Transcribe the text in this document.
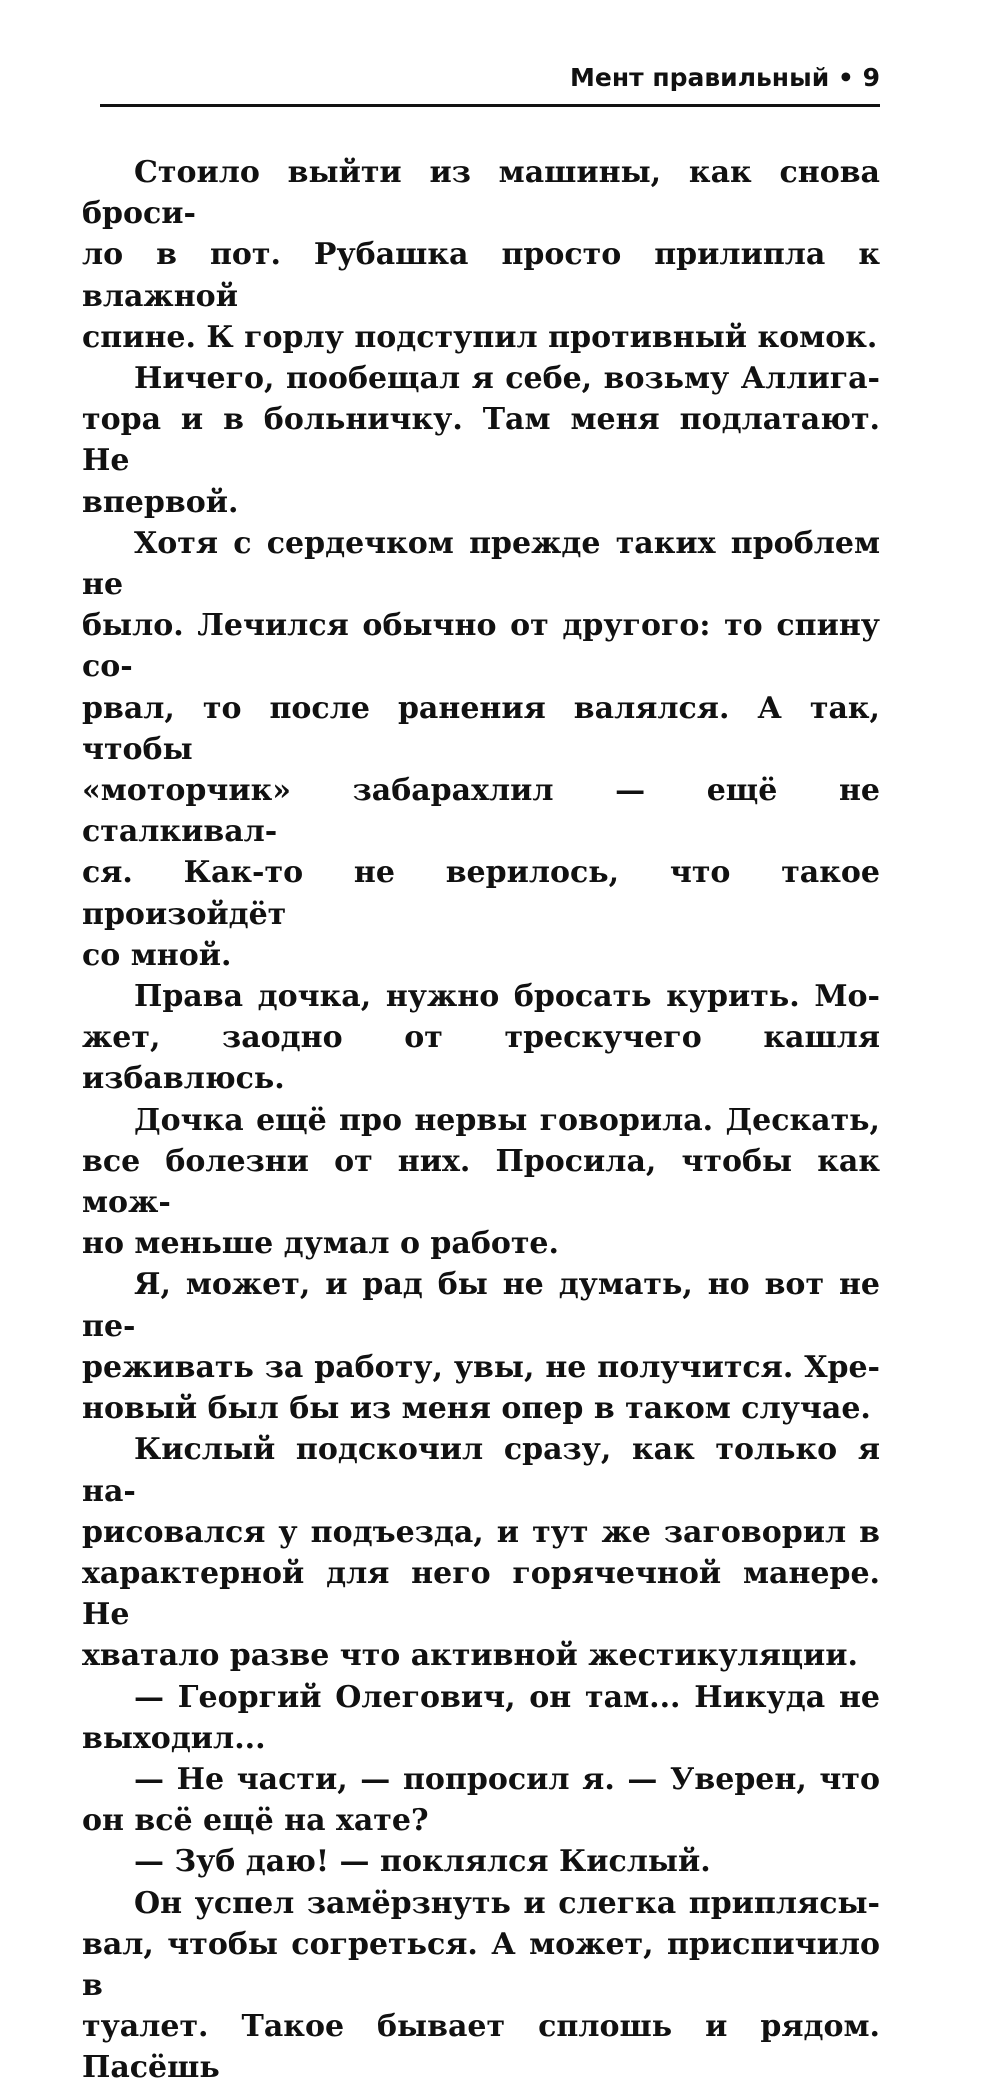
Мент правильный • 9

Стоило выйти из машины, как снова броси-
ло в пот. Рубашка просто прилипла к влажной
спине. К горлу подступил противный комок.

Ничего, пообещал я себе, возьму Аллига-
тора и в больничку. Там меня подлатают. Не
впервой.

Хотя с сердечком прежде таких проблем не
было. Лечился обычно от другого: то спину со-
рвал, то после ранения валялся. А так, чтобы
«моторчик» забарахлил — ещё не сталкивал-
ся. Как-то не верилось, что такое произойдёт
со мной.

Права дочка, нужно бросать курить. Мо-
жет, заодно от трескучего кашля избавлюсь.

Дочка ещё про нервы говорила. Дескать,
все болезни от них. Просила, чтобы как мож-
но меньше думал о работе.

Я, может, и рад бы не думать, но вот не пе-
реживать за работу, увы, не получится. Хре-
новый был бы из меня опер в таком случае.

Кислый подскочил сразу, как только я на-
рисовался у подъезда, и тут же заговорил в
характерной для него горячечной манере. Не
хватало разве что активной жестикуляции.

— Георгий Олегович, он там... Никуда не
выходил...

— Не части, — попросил я. — Уверен, что
он всё ещё на хате?

— Зуб даю! — поклялся Кислый.

Он успел замёрзнуть и слегка приплясы-
вал, чтобы согреться. А может, приспичило в
туалет. Такое бывает сплошь и рядом. Пасёшь
